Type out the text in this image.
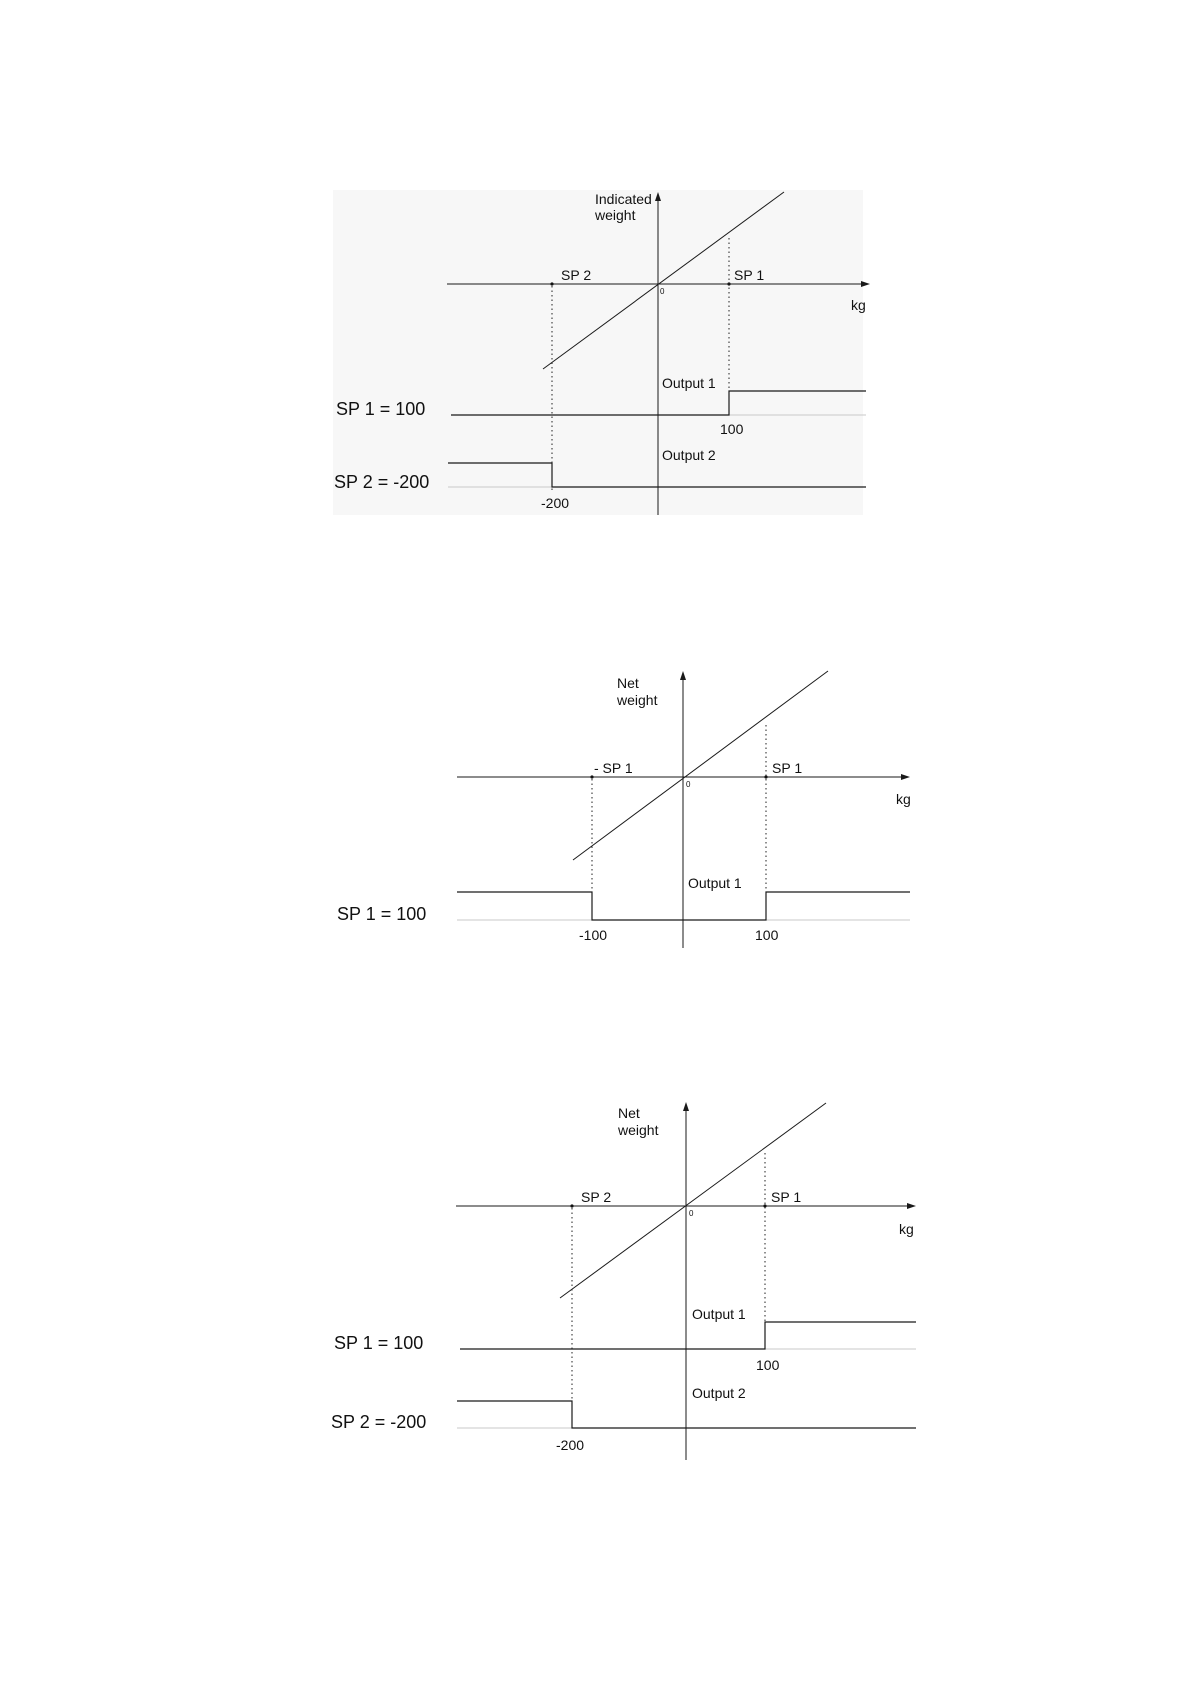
Indicated
weight
SP 2	SP 1
0
kg
Output 1
SP 1 = 100
100
Output 2
SP 2 = -200
-200
Net
weight
- SP 1	SP 1
0
kg
Output 1
SP 1 = 100
-100	100
Net
weight
SP 2	SP 1
0
kg
Output 1
SP 1 = 100
100
Output 2
SP 2 = -200
-200
